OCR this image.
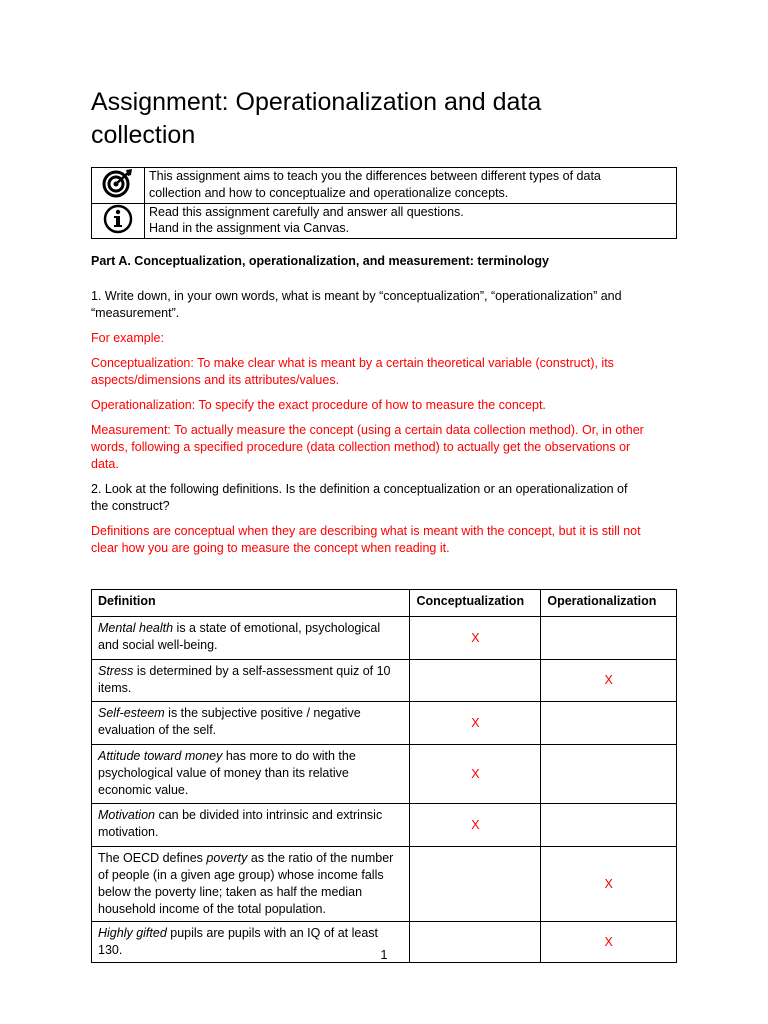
Assignment: Operationalization and data collection

This assignment aims to teach you the differences between different types of data

collection and how to conceptualize and operationalize concepts.

Read this assignment carefully and answer all questions.

Hand in the assignment via Canvas.

Part A. Conceptualization, operationalization, and measurement: terminology

1. Write down, in your own words, what is meant by “conceptualization”, “operationalization” and

“measurement”.

For example:

Conceptualization: To make clear what is meant by a certain theoretical variable (construct), its

aspects/dimensions and its attributes/values.

Operationalization: To specify the exact procedure of how to measure the concept.

Measurement: To actually measure the concept (using a certain data collection method). Or, in other

words, following a specified procedure (data collection method) to actually get the observations or

data.

2. Look at the following definitions. Is the definition a conceptualization or an operationalization of

the construct?

Definitions are conceptual when they are describing what is meant with the concept, but it is still not

clear how you are going to measure the concept when reading it.

Definition	Conceptualization	Operationalization
Mental health is a state of emotional, psychological and social well-being.	X	
Stress is determined by a self-assessment quiz of 10 items.		X
Self-esteem is the subjective positive / negative evaluation of the self.	X	
Attitude toward money has more to do with the psychological value of money than its relative economic value.	X	
Motivation can be divided into intrinsic and extrinsic motivation.	X	
The OECD defines poverty as the ratio of the number of people (in a given age group) whose income falls below the poverty line; taken as half the median household income of the total population.		X
Highly gifted pupils are pupils with an IQ of at least 130.		X
1
